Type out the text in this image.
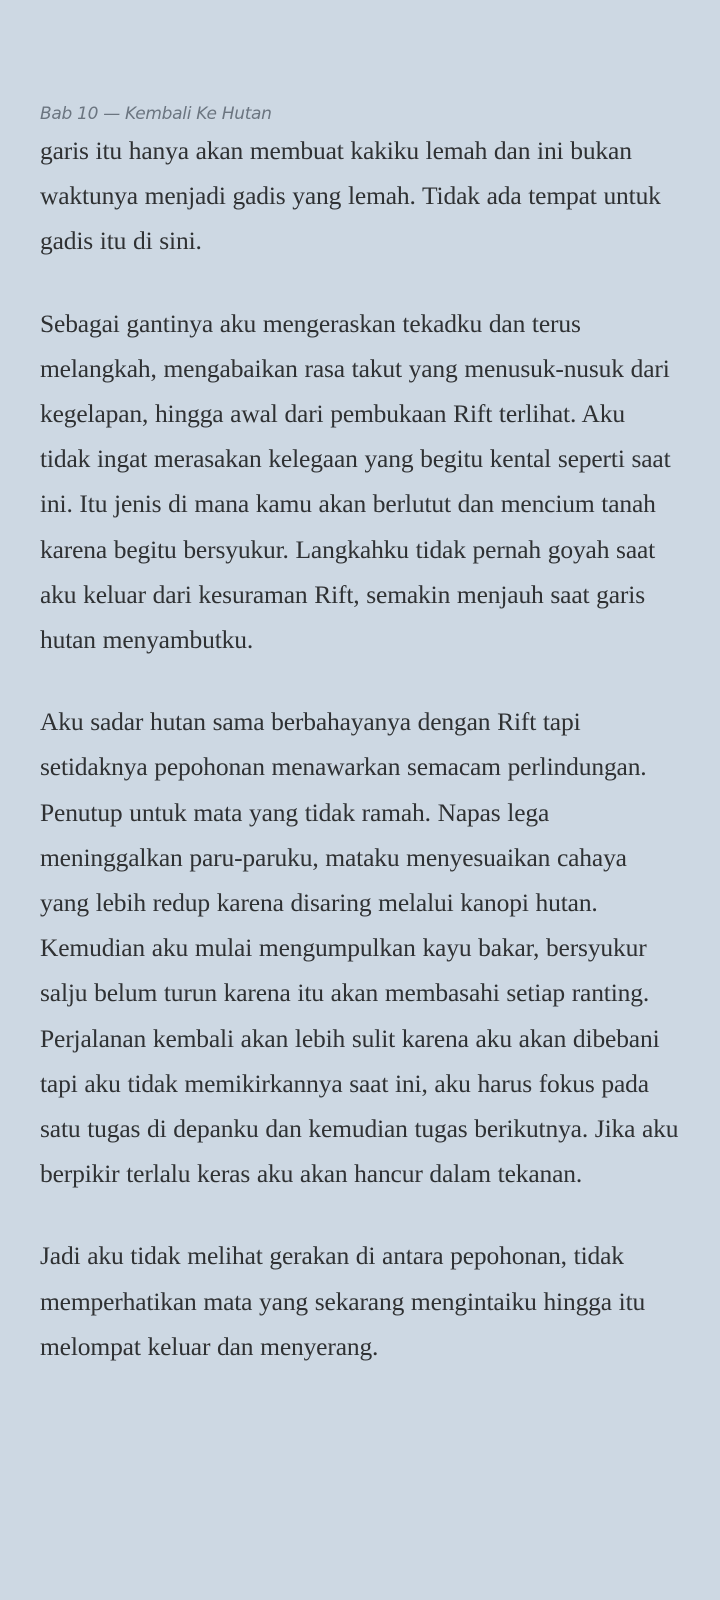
Bab 10 — Kembali Ke Hutan

garis itu hanya akan membuat kakiku lemah dan ini bukan waktunya menjadi gadis yang lemah. Tidak ada tempat untuk gadis itu di sini.

Sebagai gantinya aku mengeraskan tekadku dan terus melangkah, mengabaikan rasa takut yang menusuk-nusuk dari kegelapan, hingga awal dari pembukaan Rift terlihat. Aku tidak ingat merasakan kelegaan yang begitu kental seperti saat ini. Itu jenis di mana kamu akan berlutut dan mencium tanah karena begitu bersyukur. Langkahku tidak pernah goyah saat aku keluar dari kesuraman Rift, semakin menjauh saat garis hutan menyambutku.

Aku sadar hutan sama berbahayanya dengan Rift tapi setidaknya pepohonan menawarkan semacam perlindungan. Penutup untuk mata yang tidak ramah. Napas lega meninggalkan paru-paruku, mataku menyesuaikan cahaya yang lebih redup karena disaring melalui kanopi hutan. Kemudian aku mulai mengumpulkan kayu bakar, bersyukur salju belum turun karena itu akan membasahi setiap ranting. Perjalanan kembali akan lebih sulit karena aku akan dibebani tapi aku tidak memikirkannya saat ini, aku harus fokus pada satu tugas di depanku dan kemudian tugas berikutnya. Jika aku berpikir terlalu keras aku akan hancur dalam tekanan.

Jadi aku tidak melihat gerakan di antara pepohonan, tidak memperhatikan mata yang sekarang mengintaiku hingga itu melompat keluar dan menyerang.
